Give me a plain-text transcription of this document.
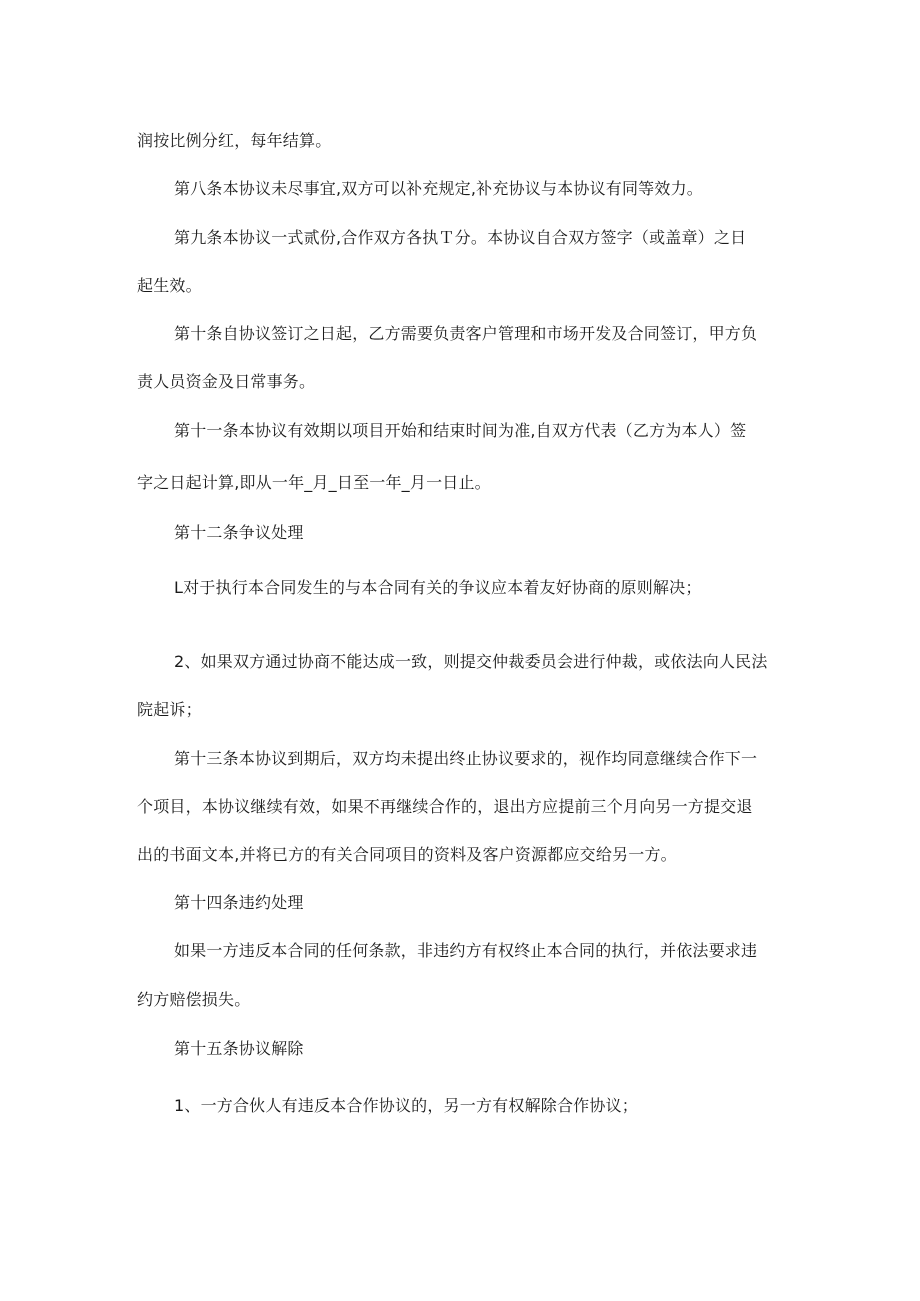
润按比例分红，每年结算。
第八条本协议未尽事宜,双方可以补充规定,补充协议与本协议有同等效力。
第九条本协议一式贰份,合作双方各执Ｔ分。本协议自合双方签字（或盖章）之日
起生效。
第十条自协议签订之日起，乙方需要负责客户管理和市场开发及合同签订，甲方负
责人员资金及日常事务。
第十一条本协议有效期以项目开始和结束时间为准,自双方代表（乙方为本人）签
字之日起计算,即从一年_月_日至一年_月一日止。
第十二条争议处理
L对于执行本合同发生的与本合同有关的争议应本着友好协商的原则解决；
2、如果双方通过协商不能达成一致，则提交仲裁委员会进行仲裁，或依法向人民法
院起诉；
第十三条本协议到期后，双方均未提出终止协议要求的，视作均同意继续合作下一
个项目，本协议继续有效，如果不再继续合作的，退出方应提前三个月向另一方提交退
出的书面文本,并将已方的有关合同项目的资料及客户资源都应交给另一方。
第十四条违约处理
如果一方违反本合同的任何条款，非违约方有权终止本合同的执行，并依法要求违
约方赔偿损失。
第十五条协议解除
1、一方合伙人有违反本合作协议的，另一方有权解除合作协议；
